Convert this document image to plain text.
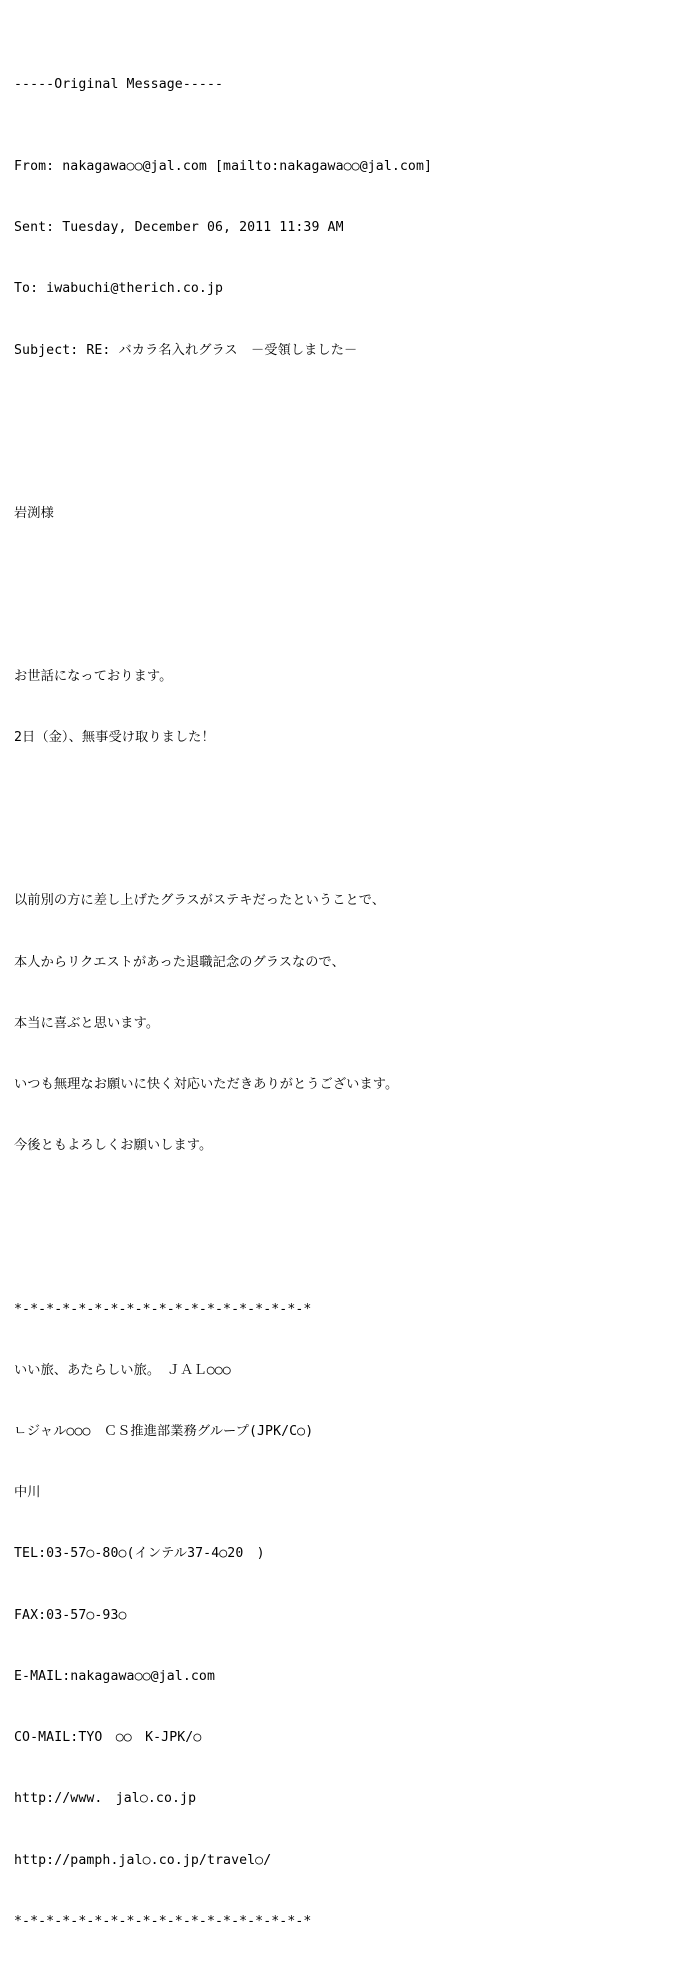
-----Original Message-----

From: nakagawa○○@jal.com [mailto:nakagawa○○@jal.com]

Sent: Tuesday, December 06, 2011 11:39 AM

To: iwabuchi@therich.co.jp

Subject: RE: バカラ名入れグラス　－受領しました－

岩渕様

お世話になっております。

2日（金）、無事受け取りました！

以前別の方に差し上げたグラスがステキだったということで、

本人からリクエストがあった退職記念のグラスなので、

本当に喜ぶと思います。

いつも無理なお願いに快く対応いただきありがとうございます。

今後ともよろしくお願いします。

*-*-*-*-*-*-*-*-*-*-*-*-*-*-*-*-*-*-*

いい旅、あたらしい旅。　ＪＡＬ○○○

ㄴジャル○○○　ＣＳ推進部業務グループ(JPK/C○)

中川

TEL:03-57○-80○(インテル37-4○20　)

FAX:03-57○-93○

E-MAIL:nakagawa○○@jal.com

CO-MAIL:TYO　○○　K-JPK/○

http://www.　jal○.co.jp

http://pamph.jal○.co.jp/travel○/

*-*-*-*-*-*-*-*-*-*-*-*-*-*-*-*-*-*-*
